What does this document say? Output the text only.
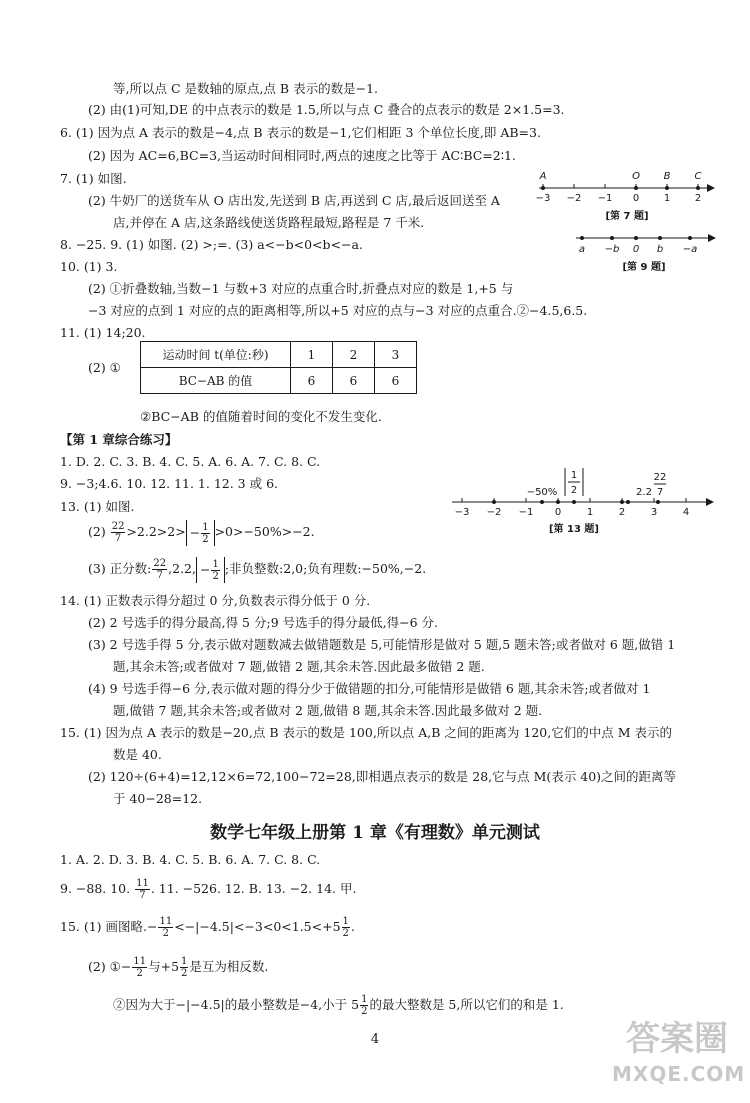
等,所以点 C 是数轴的原点,点 B 表示的数是−1.
(2) 由(1)可知,DE 的中点表示的数是 1.5,所以与点 C 叠合的点表示的数是 2×1.5=3.
6. (1) 因为点 A 表示的数是−4,点 B 表示的数是−1,它们相距 3 个单位长度,即 AB=3.
(2) 因为 AC=6,BC=3,当运动时间相同时,两点的速度之比等于 AC∶BC=2∶1.
7. (1) 如图.
(2) 牛奶厂的送货车从 O 店出发,先送到 B 店,再送到 C 店,最后返回送至 A
店,并停在 A 店,这条路线使送货路程最短,路程是 7 千米.
A	O B C
−3 −2 −1 0 1 2
[第 7 题]
8. −25. 9. (1) 如图. (2) >;=. (3) a<−b<0<b<−a.	a −b 0 b −a
[第 9 题]
10. (1) 3.
(2) ①折叠数轴,当数−1 与数+3 对应的点重合时,折叠点对应的数是 1,+5 与
−3 对应的点到 1 对应的点的距离相等,所以+5 对应的点与−3 对应的点重合.②−4.5,6.5.
11. (1) 14;20.
(2) ①
运动时间 t(单位:秒)	1	2	3
BC−AB 的值	6	6	6
②BC−AB 的值随着时间的变化不发生变化.
【第 1 章综合练习】
1. D. 2. C. 3. B. 4. C. 5. A. 6. A. 7. C. 8. C.
9. −3;4.6. 10. 12. 11. 1. 12. 3 或 6.
−50%	2.2
22
7
1
2
−3 −2 −1 0	1	2	3	4
[第 13 题]
13. (1) 如图.
$(2) \frac{22}{7} >2.2>2> - \frac{1}{2} >0>-50\%>-2$.
(3) 正分数: $\frac{22}{7} ,2.2$, − $\frac{1}{2}$ ;非负整数:2,0;负有理数:−50%,−2.
14. (1) 正数表示得分超过 0 分,负数表示得分低于 0 分.
(2) 2 号选手的得分最高,得 5 分;9 号选手的得分最低,得−6 分.
(3) 2 号选手得 5 分,表示做对题数减去做错题数是 5,可能情形是做对 5 题,5 题未答;或者做对 6 题,做错 1
题,其余未答;或者做对 7 题,做错 2 题,其余未答.因此最多做错 2 题.
(4) 9 号选手得−6 分,表示做对题的得分少于做错题的扣分,可能情形是做错 6 题,其余未答;或者做对 1
题,做错 7 题,其余未答;或者做对 2 题,做错 8 题,其余未答.因此最多做对 2 题.
15. (1) 因为点 A 表示的数是−20,点 B 表示的数是 100,所以点 A,B 之间的距离为 120,它们的中点 M 表示的
数是 40.
(2) 120÷(6+4)=12,12×6=72,100−72=28,即相遇点表示的数是 28,它与点 M(表示 40)之间的距离等
于 40−28=12.
数学七年级上册第 1 章《有理数》单元测试
1. A. 2. D. 3. B. 4. C. 5. B. 6. A. 7. C. 8. C.
9. −88. 10. $\frac{11}{7}$ . 11. −526. 12. B. 13. −2. 14. 甲.
15. (1) 画图略.− $\frac{11}{2} <-|-4.5|<-3<0<1.5<+5 \frac{1}{2}$ .
(2) ①− $\frac{11}{2}$ 与$+5 \frac{1}{2}$ 是互为相反数.
②因为大于−|−4.5|的最小整数是−4,小于 $5 \frac{1}{2}$ 的最大整数是 5,所以它们的和是 1.
4	答案圈
MXQE.COM
